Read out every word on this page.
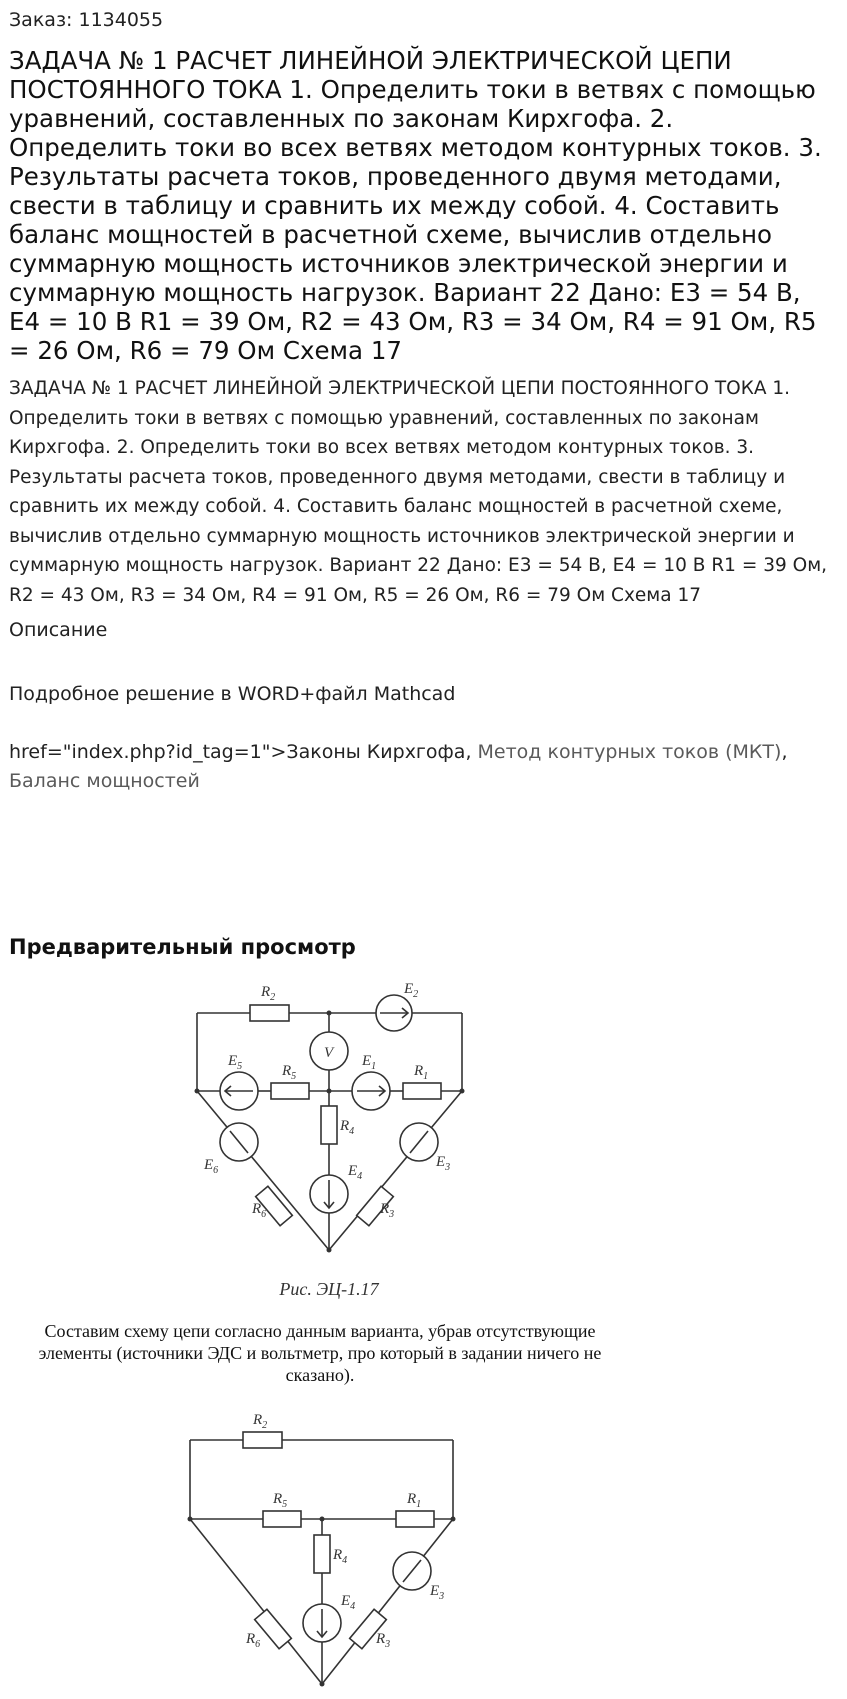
Заказ: 1134055
ЗАДАЧА № 1 РАСЧЕТ ЛИНЕЙНОЙ ЭЛЕКТРИЧЕСКОЙ ЦЕПИ ПОСТОЯННОГО ТОКА 1. Определить токи в ветвях с помощью уравнений, составленных по законам Кирхгофа. 2. Определить токи во всех ветвях методом контурных токов. 3. Результаты расчета токов, проведенного двумя методами, свести в таблицу и сравнить их между собой. 4. Составить баланс мощностей в расчетной схеме, вычислив отдельно суммарную мощность источников электрической энергии и суммарную мощность нагрузок. Вариант 22 Дано: Е3 = 54 В, Е4 = 10 В R1 = 39 Ом, R2 = 43 Ом, R3 = 34 Ом, R4 = 91 Ом, R5 = 26 Ом, R6 = 79 Ом Схема 17
ЗАДАЧА № 1 РАСЧЕТ ЛИНЕЙНОЙ ЭЛЕКТРИЧЕСКОЙ ЦЕПИ ПОСТОЯННОГО ТОКА 1. Определить токи в ветвях с помощью уравнений, составленных по законам Кирхгофа. 2. Определить токи во всех ветвях методом контурных токов. 3. Результаты расчета токов, проведенного двумя методами, свести в таблицу и сравнить их между собой. 4. Составить баланс мощностей в расчетной схеме, вычислив отдельно суммарную мощность источников электрической энергии и суммарную мощность нагрузок. Вариант 22 Дано: Е3 = 54 В, Е4 = 10 В R1 = 39 Ом, R2 = 43 Ом, R3 = 34 Ом, R4 = 91 Ом, R5 = 26 Ом, R6 = 79 Ом Схема 17
Описание
Подробное решение в WORD+файл Mathcad
href="index.php?id_tag=1">Законы Кирхгофа, Метод контурных токов (МКТ),
Баланс мощностей
Предварительный просмотр
$R_2$
$E_2$
V
$E_5$	$R_5$
$E_1$	$R_1$
$R_4$
$E_6$	$E_4$
$E_3$
$R_6$	$R_3$
Рис. ЭЦ-1.17
Составим схему цепи согласно данным варианта, убрав отсутствующие
элементы (источники ЭДС и вольтметр, про который в задании ничего не
сказано).
$R_2$
$R_5$	$R_1$
$R_4$
$E_4$
$E_3$
$R_6$	$R_3$
